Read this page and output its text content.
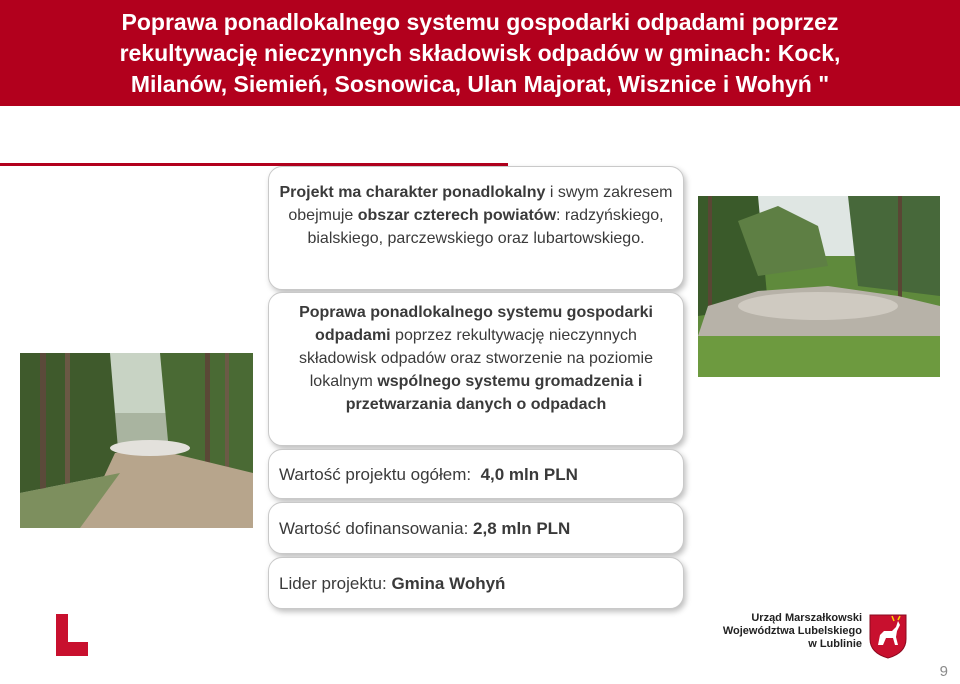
Poprawa ponadlokalnego systemu gospodarki odpadami poprzez
rekultywację nieczynnych składowisk odpadów w gminach: Kock,
Milanów, Siemień, Sosnowica, Ulan Majorat, Wisznice i Wohyń "
Projekt ma charakter ponadlokalny i swym zakresem obejmuje obszar czterech powiatów: radzyńskiego, bialskiego, parczewskiego oraz lubartowskiego.
Poprawa ponadlokalnego systemu gospodarki odpadami poprzez rekultywację nieczynnych składowisk odpadów oraz stworzenie na poziomie lokalnym wspólnego systemu gromadzenia i przetwarzania danych o odpadach
Wartość projektu ogółem: 4,0 mln PLN
Wartość dofinansowania: 2,8 mln PLN
Lider projektu: Gmina Wohyń
Urząd Marszałkowski
Województwa Lubelskiego
w Lublinie
9
